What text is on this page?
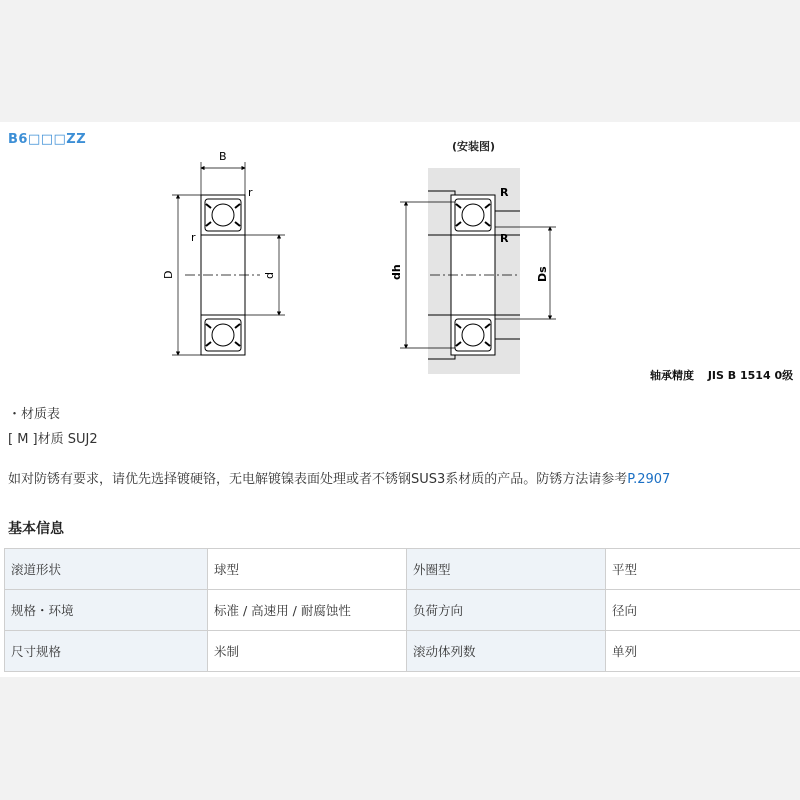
B6□□□ZZ	(安装图)
B
r
r
D	d
R
R
dh	Ds
轴承精度 JIS B 1514 0级
・材质表
[ M ]材质 SUJ2
如对防锈有要求，请优先选择镀硬铬，无电解镀镍表面处理或者不锈钢SUS3系材质的产品。防锈方法请参考P.2907
基本信息
滚道形状	球型	外圈型	平型
规格・环境	标准 / 高速用 / 耐腐蚀性	负荷方向	径向
尺寸规格	米制	滚动体列数	单列
